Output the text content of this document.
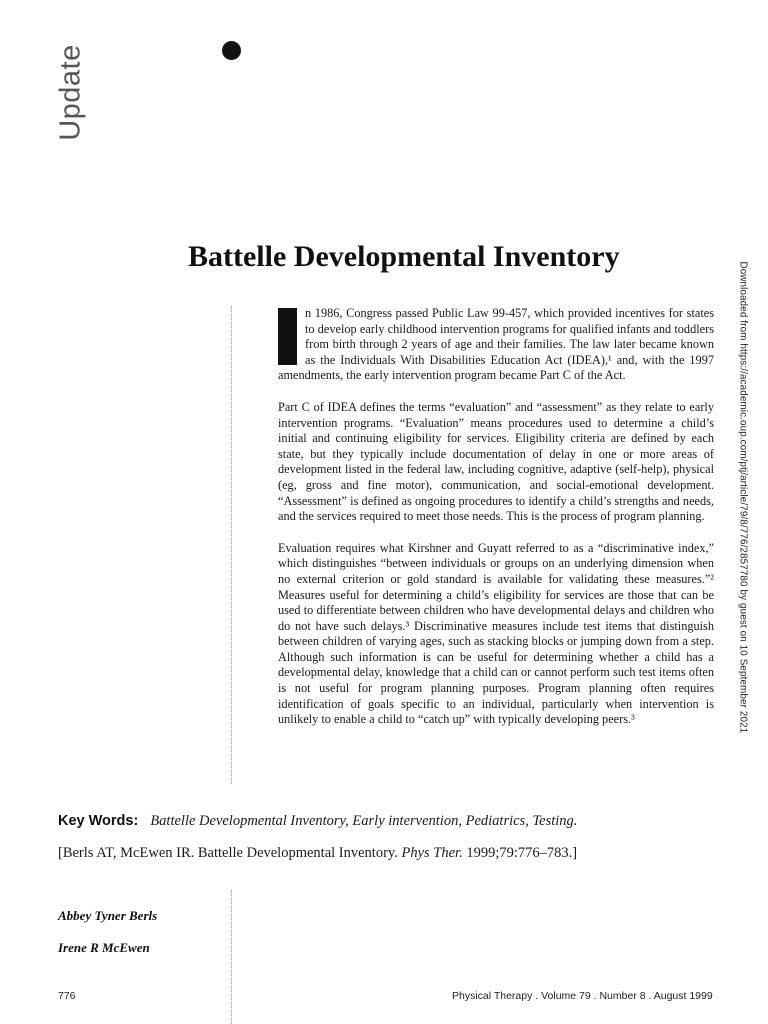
Update
Downloaded from https://academic.oup.com/ptj/article/79/8/776/2857780 by guest on 10 September 2021
Battelle Developmental Inventory

n 1986, Congress passed Public Law 99-457, which provided incentives for states to develop early childhood intervention programs for qualified infants and toddlers from birth through 2 years of age and their families. The law later became known as the Individuals With Disabilities Education Act (IDEA),¹ and, with the 1997 amendments, the early intervention program became Part C of the Act.

Part C of IDEA defines the terms “evaluation” and “assessment” as they relate to early intervention programs. “Evaluation” means procedures used to determine a child’s initial and continuing eligibility for services. Eligibility criteria are defined by each state, but they typically include documentation of delay in one or more areas of development listed in the federal law, including cognitive, adaptive (self-help), physical (eg, gross and fine motor), communication, and social-emotional development. “Assessment” is defined as ongoing procedures to identify a child’s strengths and needs, and the services required to meet those needs. This is the process of program planning.

Evaluation requires what Kirshner and Guyatt referred to as a “discriminative index,” which distinguishes “between individuals or groups on an underlying dimension when no external criterion or gold standard is available for validating these measures.”² Measures useful for determining a child’s eligibility for services are those that can be used to differentiate between children who have developmental delays and children who do not have such delays.³ Discriminative measures include test items that distinguish between children of varying ages, such as stacking blocks or jumping down from a step. Although such information is can be useful for determining whether a child has a developmental delay, knowledge that a child can or cannot perform such test items often is not useful for program planning purposes. Program planning often requires identification of goals specific to an individual, particularly when intervention is unlikely to enable a child to “catch up” with typically developing peers.³

Key Words: Battelle Developmental Inventory, Early intervention, Pediatrics, Testing.
[Berls AT, McEwen IR. Battelle Developmental Inventory. Phys Ther. 1999;79:776–783.]
Abbey Tyner Berls
Irene R McEwen
776	Physical Therapy . Volume 79 . Number 8 . August 1999
